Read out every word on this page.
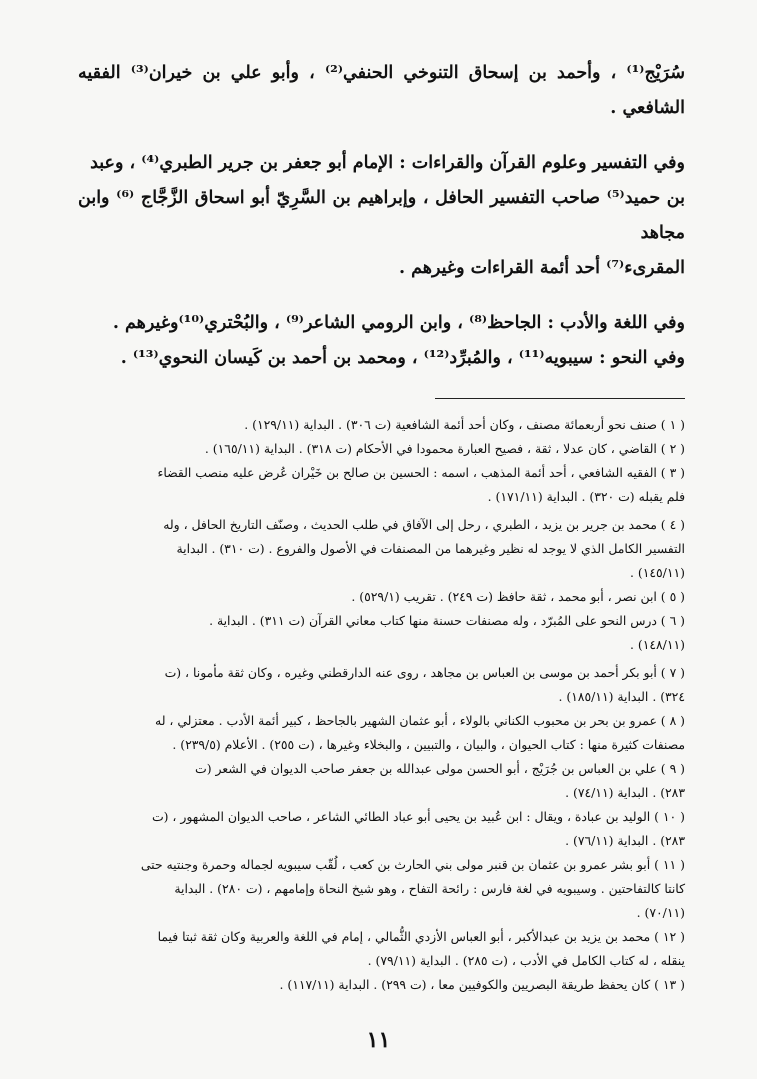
سُرَيْج⁽¹⁾ ، وأحمد بن إسحاق التنوخي الحنفي⁽²⁾ ، وأبو علي بن خيران⁽³⁾ الفقيه الشافعي .

وفي التفسير وعلوم القرآن والقراءات : الإمام أبو جعفر بن جرير الطبري⁽⁴⁾ ، وعبد

بن حميد⁽⁵⁾ صاحب التفسير الحافل ، وإبراهيم بن السَّرِيّ أبو اسحاق الزَّجَّاج ⁽⁶⁾ وابن مجاهد

المقرىء⁽⁷⁾ أحد أئمة القراءات وغيرهم .

وفي اللغة والأدب : الجاحظ⁽⁸⁾ ، وابن الرومي الشاعر⁽⁹⁾ ، والبُحْتري⁽¹⁰⁾وغيرهم .

وفي النحو : سيبويه⁽¹¹⁾ ، والمُبرِّد⁽¹²⁾ ، ومحمد بن أحمد بن كَيسان النحوي⁽¹³⁾ .

( ١ ) صنف نحو أربعمائة مصنف ، وكان أحد أئمة الشافعية (ت ٣٠٦) . البداية (١٢٩/١١) .

( ٢ ) القاضي ، كان عدلا ، ثقة ، فصيح العبارة محمودا في الأحكام (ت ٣١٨) . البداية (١٦٥/١١) .

( ٣ ) الفقيه الشافعي ، أحد أئمة المذهب ، اسمه : الحسين بن صالح بن خَيْران عُرض عليه منصب القضاء

فلم يقبله (ت ٣٢٠) . البداية (١٧١/١١) .

( ٤ ) محمد بن جرير بن يزيد ، الطبري ، رحل إلى الآفاق في طلب الحديث ، وصنّف التاريخ الحافل ، وله

التفسير الكامل الذي لا يوجد له نظير وغيرهما من المصنفات في الأصول والفروع . (ت ٣١٠) . البداية

(١٤٥/١١) .

( ٥ ) ابن نصر ، أبو محمد ، ثقة حافظ (ت ٢٤٩) . تقريب (٥٢٩/١) .

( ٦ ) درس النحو على المُبرّد ، وله مصنفات حسنة منها كتاب معاني القرآن (ت ٣١١) . البداية .

(١٤٨/١١) .

( ٧ ) أبو بكر أحمد بن موسى بن العباس بن مجاهد ، روى عنه الدارقطني وغيره ، وكان ثقة مأمونا ، (ت

٣٢٤) . البداية (١٨٥/١١) .

( ٨ ) عمرو بن بحر بن محبوب الكناني بالولاء ، أبو عثمان الشهير بالجاحظ ، كبير أئمة الأدب . معتزلي ، له

مصنفات كثيرة منها : كتاب الحيوان ، والبيان ، والتبيين ، والبخلاء وغيرها ، (ت ٢٥٥) . الأعلام (٢٣٩/٥) .

( ٩ ) علي بن العباس بن جُرَيْج ، أبو الحسن مولى عبدالله بن جعفر صاحب الديوان في الشعر (ت

٢٨٣) . البداية (٧٤/١١) .

( ١٠ ) الوليد بن عبادة ، ويقال : ابن عُبيد بن يحيى أبو عباد الطائي الشاعر ، صاحب الديوان المشهور ، (ت

٢٨٣) . البداية (٧٦/١١) .

( ١١ ) أبو بشر عمرو بن عثمان بن قنبر مولى بني الحارث بن كعب ، لُقّب سيبويه لجماله وحمرة وجنتيه حتى

كانتا كالتفاحتين . وسيبويه في لغة فارس : رائحة التفاح ، وهو شيخ النحاة وإمامهم ، (ت ٢٨٠) . البداية

(٧٠/١١) .

( ١٢ ) محمد بن يزيد بن عبدالأكبر ، أبو العباس الأزدي الثُّمالي ، إمام في اللغة والعربية وكان ثقة ثبتا فيما

ينقله ، له كتاب الكامل في الأدب ، (ت ٢٨٥) . البداية (٧٩/١١) .

( ١٣ ) كان يحفظ طريقة البصريين والكوفيين معا ، (ت ٢٩٩) . البداية (١١٧/١١) .

١١
